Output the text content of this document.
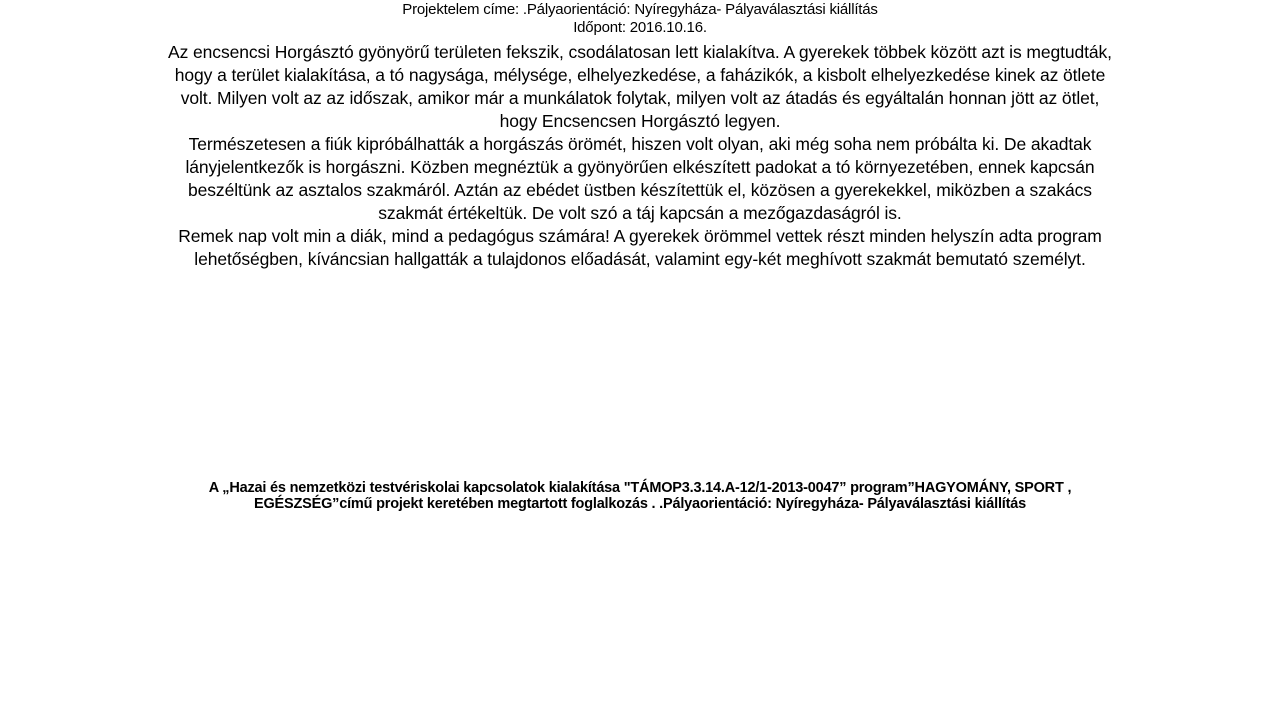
Projektelem címe: .Pályaorientáció: Nyíregyháza- Pályaválasztási kiállítás
Időpont: 2016.10.16.

Az encsencsi Horgásztó gyönyörű területen fekszik, csodálatosan lett kialakítva. A gyerekek többek között azt is megtudták, hogy a terület kialakítása, a tó nagysága, mélysége, elhelyezkedése, a faházikók, a kisbolt elhelyezkedése kinek az ötlete volt. Milyen volt az az időszak, amikor már a munkálatok folytak, milyen volt az átadás és egyáltalán honnan jött az ötlet, hogy Encsencsen Horgásztó legyen.

Természetesen a fiúk kipróbálhatták a horgászás örömét, hiszen volt olyan, aki még soha nem próbálta ki. De akadtak lányjelentkezők is horgászni. Közben megnéztük a gyönyörűen elkészített padokat a tó környezetében, ennek kapcsán beszéltünk az asztalos szakmáról. Aztán az ebédet üstben készítettük el, közösen a gyerekekkel, miközben a szakács szakmát értékeltük. De volt szó a táj kapcsán a mezőgazdaságról is.

Remek nap volt min a diák, mind a pedagógus számára! A gyerekek örömmel vettek részt minden helyszín adta program lehetőségben, kíváncsian hallgatták a tulajdonos előadását, valamint egy-két meghívott szakmát bemutató személyt.

A „Hazai és nemzetközi testvériskolai kapcsolatok kialakítása "TÁMOP3.3.14.A-12/1-2013-0047” program”HAGYOMÁNY, SPORT , EGÉSZSÉG”című projekt keretében megtartott foglalkozás . .Pályaorientáció: Nyíregyháza- Pályaválasztási kiállítás
